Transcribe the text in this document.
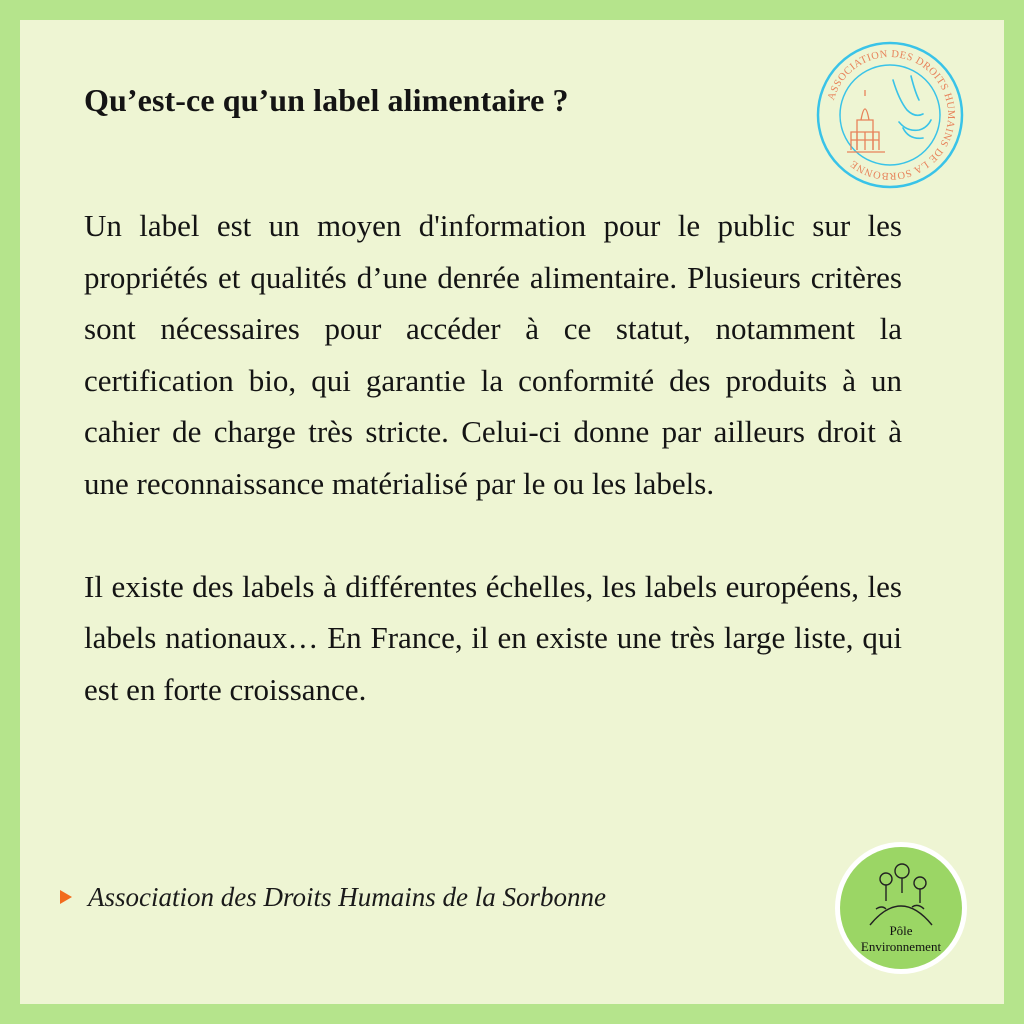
Qu’est-ce qu’un label alimentaire ?	ASSOCIATION DES DROITS HUMAINS DE LA SORBONNE

Un label est un moyen d'information pour le public sur les propriétés et qualités d’une denrée alimentaire. Plusieurs critères sont nécessaires pour accéder à ce statut, notamment la certification bio, qui garantie la conformité des produits à un cahier de charge très stricte. Celui-ci donne par ailleurs droit à une reconnaissance matérialisé par le ou les labels.

Il existe des labels à différentes échelles, les labels européens, les labels nationaux… En France, il en existe une très large liste, qui est en forte croissance.

Association des Droits Humains de la Sorbonne
Pôle
Environnement
